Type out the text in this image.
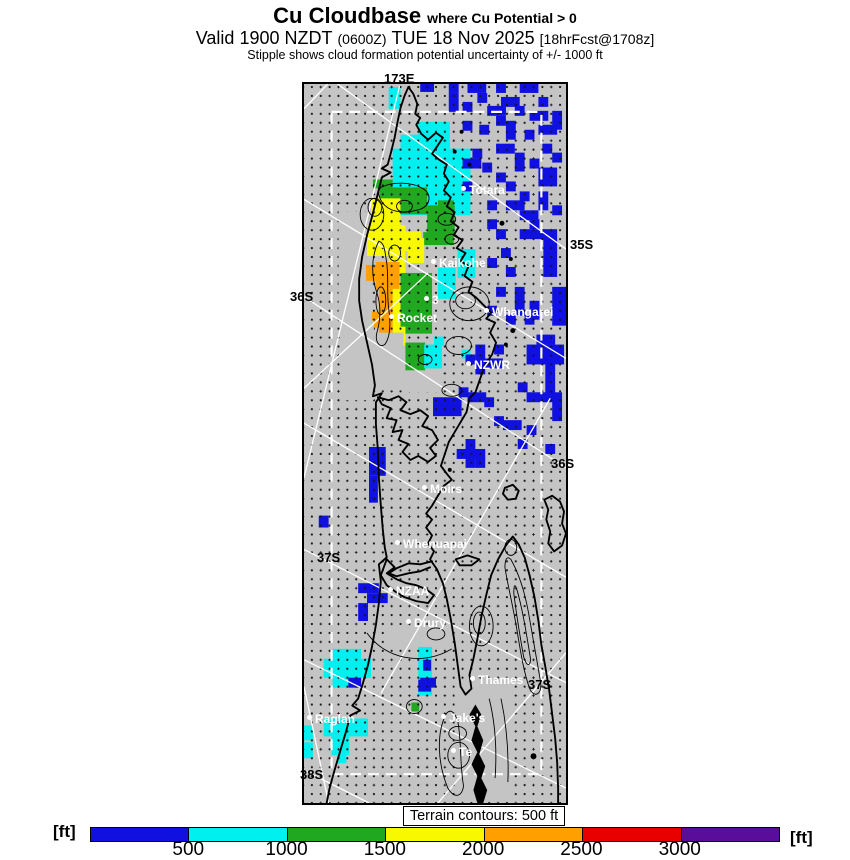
Cu Cloudbase where Cu Potential > 0
Valid 1900 NZDT (0600Z) TUE 18 Nov 2025 [18hrFcst@1708z]
Stipple shows cloud formation potential uncertainty of +/- 1000 ft
Terrain contours: 500 ft
[ft]	[ft]
Totara
Kaikohe
3
Whangarei
Rocket
NZWR
Moirs
Whenuapai
NZAA
Drury
Thames
Jake's
Te
Raglan
173E
35S
36S
36S
37S
37S
38S
500	1000	1500	2000	2500	3000
